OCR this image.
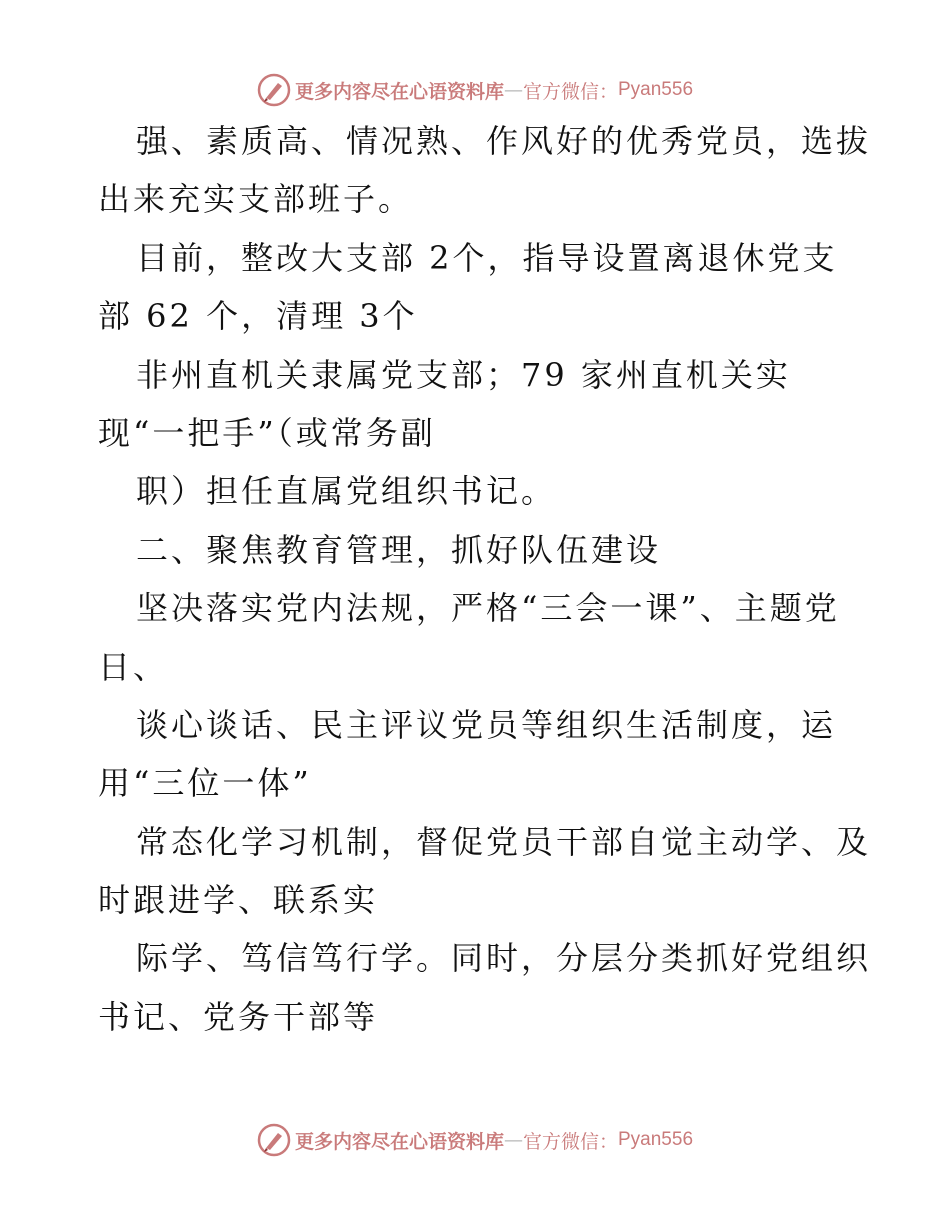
更多内容尽在心语资料库 — 官方微信： Pyan556
强、素质高、情况熟、作风好的优秀党员，选拔
出来充实支部班子。
目前，整改大支部 2个，指导设置离退休党支
部 62 个，清理 3个
非州直机关隶属党支部；79 家州直机关实
现“一把手”（或常务副
职）担任直属党组织书记。
二、聚焦教育管理，抓好队伍建设
坚决落实党内法规，严格“三会一课”、主题党
日、
谈心谈话、民主评议党员等组织生活制度，运
用“三位一体”
常态化学习机制，督促党员干部自觉主动学、及
时跟进学、联系实
际学、笃信笃行学。同时，分层分类抓好党组织
书记、党务干部等
更多内容尽在心语资料库 — 官方微信： Pyan556
